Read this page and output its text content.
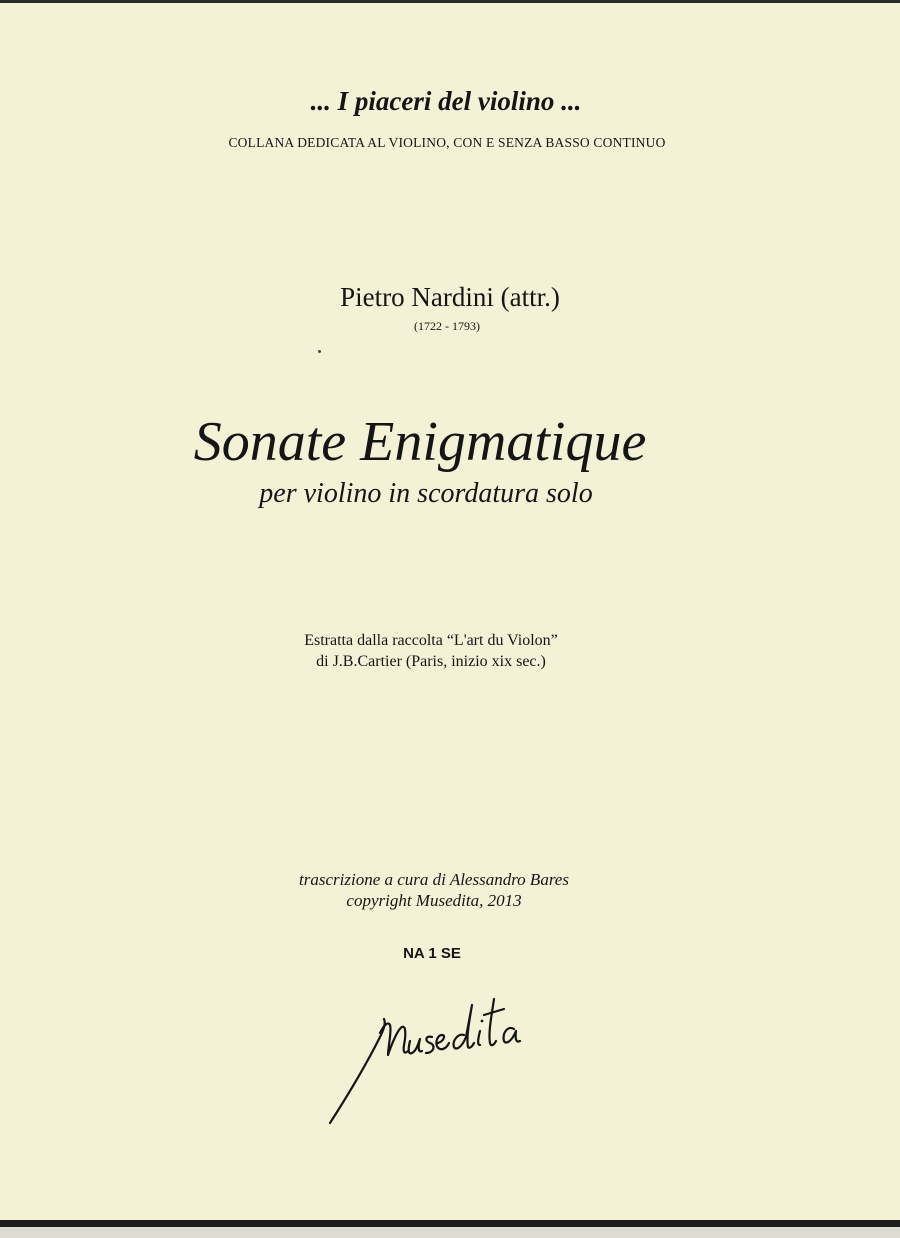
... I piaceri del violino ...
COLLANA DEDICATA AL VIOLINO, CON E SENZA BASSO CONTINUO
Pietro Nardini (attr.)
(1722 - 1793)
Sonate Enigmatique
per violino in scordatura solo
Estratta dalla raccolta “L'art du Violon”
di J.B.Cartier (Paris, inizio xix sec.)
trascrizione a cura di Alessandro Bares
copyright Musedita, 2013
NA 1 SE
